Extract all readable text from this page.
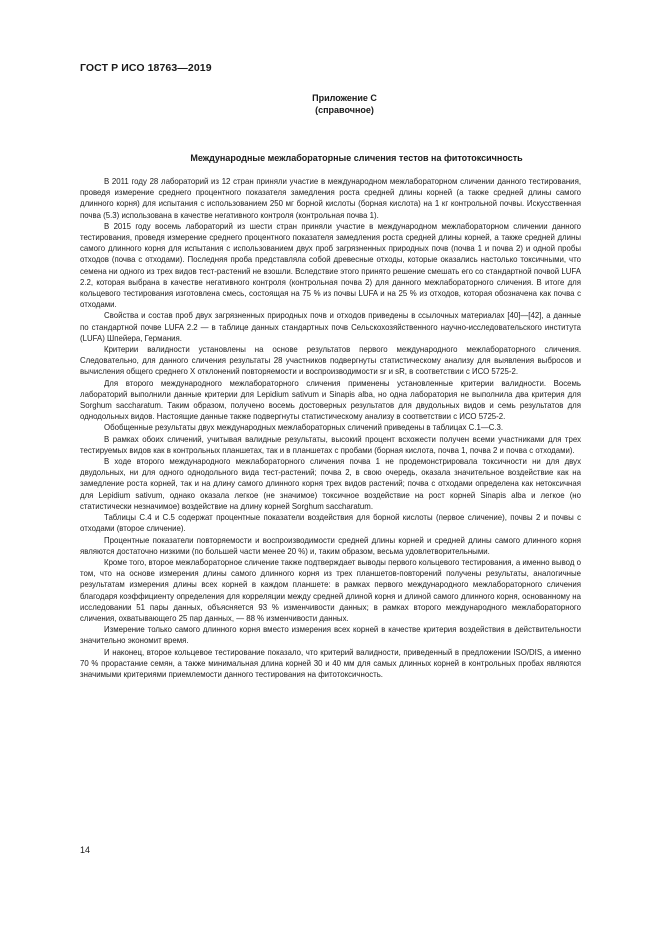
ГОСТ Р ИСО 18763—2019
Приложение С
(справочное)
Международные межлабораторные сличения тестов на фитотоксичность

В 2011 году 28 лабораторий из 12 стран приняли участие в международном межлабораторном сличении данного тестирования, проведя измерение среднего процентного показателя замедления роста средней длины корней (а также средней длины самого длинного корня) для испытания с использованием 250 мг борной кислоты (борная кислота) на 1 кг контрольной почвы. Искусственная почва (5.3) использована в качестве негативного контроля (контрольная почва 1).

В 2015 году восемь лабораторий из шести стран приняли участие в международном межлабораторном сличении данного тестирования, проведя измерение среднего процентного показателя замедления роста средней длины корней, а также средней длины самого длинного корня для испытания с использованием двух проб загрязненных природных почв (почва 1 и почва 2) и одной пробы отходов (почва с отходами). Последняя проба представляла собой древесные отходы, которые оказались настолько токсичными, что семена ни одного из трех видов тест-растений не взошли. Вследствие этого принято решение смешать его со стандартной почвой LUFA 2.2, которая выбрана в качестве негативного контроля (контрольная почва 2) для данного межлабораторного сличения. В итоге для кольцевого тестирования изготовлена смесь, состоящая на 75 % из почвы LUFA и на 25 % из отходов, которая обозначена как почва с отходами.

Свойства и состав проб двух загрязненных природных почв и отходов приведены в ссылочных материалах [40]—[42], а данные по стандартной почве LUFA 2.2 — в таблице данных стандартных почв Сельскохозяйственного научно-исследовательского института (LUFA) Шпейера, Германия.

Критерии валидности установлены на основе результатов первого международного межлабораторного сличения. Следовательно, для данного сличения результаты 28 участников подвергнуты статистическому анализу для выявления выбросов и вычисления общего среднего X отклонений повторяемости и воспроизводимости sr и sR, в соответствии с ИСО 5725-2.

Для второго международного межлабораторного сличения применены установленные критерии валидности. Восемь лабораторий выполнили данные критерии для Lepidium sativum и Sinapis alba, но одна лаборатория не выполнила два критерия для Sorghum saccharatum. Таким образом, получено восемь достоверных результатов для двудольных видов и семь результатов для однодольных видов. Настоящие данные также подвергнуты статистическому анализу в соответствии с ИСО 5725-2.

Обобщенные результаты двух международных межлабораторных сличений приведены в таблицах С.1—С.3.

В рамках обоих сличений, учитывая валидные результаты, высокий процент всхожести получен всеми участниками для трех тестируемых видов как в контрольных планшетах, так и в планшетах с пробами (борная кислота, почва 1, почва 2 и почва с отходами).

В ходе второго международного межлабораторного сличения почва 1 не продемонстрировала токсичности ни для двух двудольных, ни для одного однодольного вида тест-растений; почва 2, в свою очередь, оказала значительное воздействие как на замедление роста корней, так и на длину самого длинного корня трех видов растений; почва с отходами определена как нетоксичная для Lepidium sativum, однако оказала легкое (не значимое) токсичное воздействие на рост корней Sinapis alba и легкое (но статистически незначимое) воздействие на длину корней Sorghum saccharatum.

Таблицы С.4 и С.5 содержат процентные показатели воздействия для борной кислоты (первое сличение), почвы 2 и почвы с отходами (второе сличение).

Процентные показатели повторяемости и воспроизводимости средней длины корней и средней длины самого длинного корня являются достаточно низкими (по большей части менее 20 %) и, таким образом, весьма удовлетворительными.

Кроме того, второе межлабораторное сличение также подтверждает выводы первого кольцевого тестирования, а именно вывод о том, что на основе измерения длины самого длинного корня из трех планшетов-повторений получены результаты, аналогичные результатам измерения длины всех корней в каждом планшете: в рамках первого международного межлабораторного сличения благодаря коэффициенту определения для корреляции между средней длиной корня и длиной самого длинного корня, основанному на исследовании 51 пары данных, объясняется 93 % изменчивости данных; в рамках второго международного межлабораторного сличения, охватывающего 25 пар данных, — 88 % изменчивости данных.

Измерение только самого длинного корня вместо измерения всех корней в качестве критерия воздействия в действительности значительно экономит время.

И наконец, второе кольцевое тестирование показало, что критерий валидности, приведенный в предложении ISO/DIS, а именно 70 % прорастание семян, а также минимальная длина корней 30 и 40 мм для самых длинных корней в контрольных пробах являются значимыми критериями приемлемости данного тестирования на фитотоксичность.

14
